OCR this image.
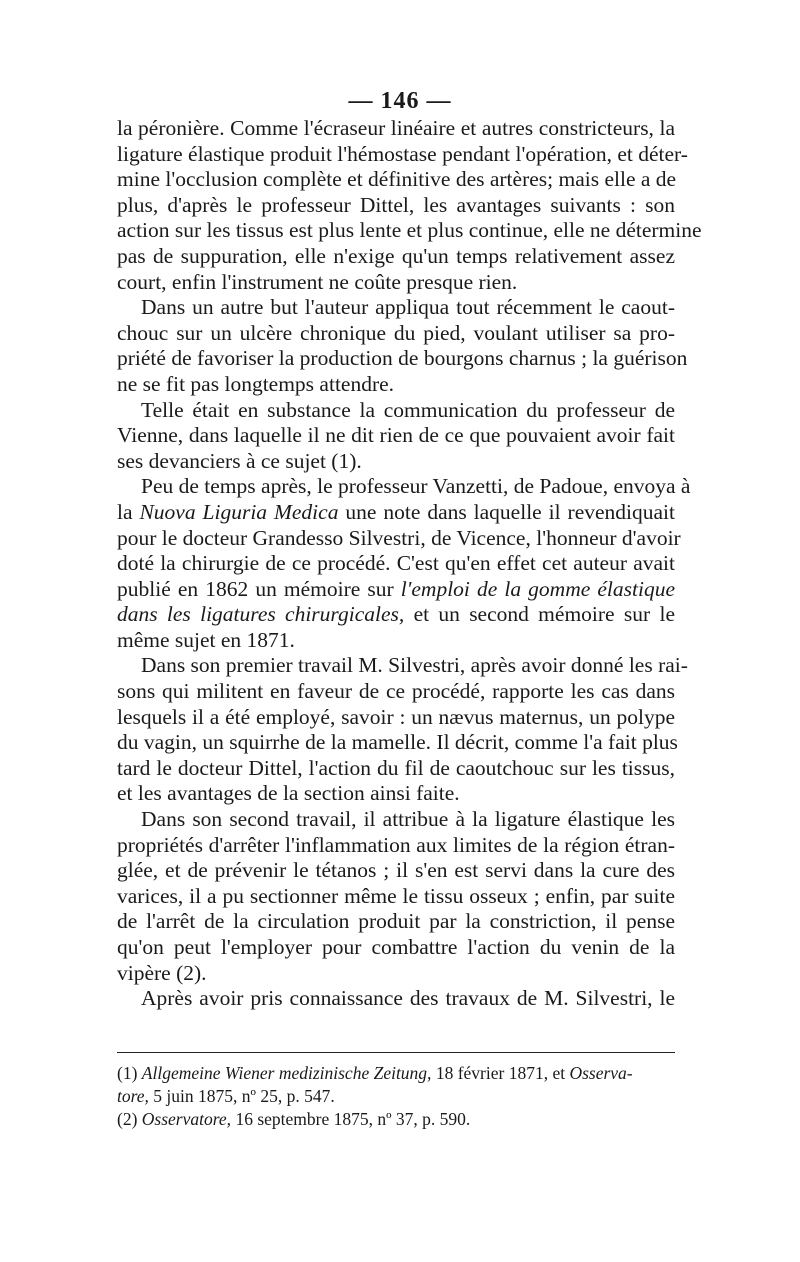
— 146 —
la péronière. Comme l'écraseur linéaire et autres constricteurs, la
ligature élastique produit l'hémostase pendant l'opération, et déter-
mine l'occlusion complète et définitive des artères; mais elle a de
plus, d'après le professeur Dittel, les avantages suivants : son
action sur les tissus est plus lente et plus continue, elle ne détermine
pas de suppuration, elle n'exige qu'un temps relativement assez
court, enfin l'instrument ne coûte presque rien.
Dans un autre but l'auteur appliqua tout récemment le caout-
chouc sur un ulcère chronique du pied, voulant utiliser sa pro-
priété de favoriser la production de bourgons charnus ; la guérison
ne se fit pas longtemps attendre.
Telle était en substance la communication du professeur de
Vienne, dans laquelle il ne dit rien de ce que pouvaient avoir fait
ses devanciers à ce sujet (1).
Peu de temps après, le professeur Vanzetti, de Padoue, envoya à
la Nuova Liguria Medica une note dans laquelle il revendiquait
pour le docteur Grandesso Silvestri, de Vicence, l'honneur d'avoir
doté la chirurgie de ce procédé. C'est qu'en effet cet auteur avait
publié en 1862 un mémoire sur l'emploi de la gomme élastique
dans les ligatures chirurgicales, et un second mémoire sur le
même sujet en 1871.
Dans son premier travail M. Silvestri, après avoir donné les rai-
sons qui militent en faveur de ce procédé, rapporte les cas dans
lesquels il a été employé, savoir : un nævus maternus, un polype
du vagin, un squirrhe de la mamelle. Il décrit, comme l'a fait plus
tard le docteur Dittel, l'action du fil de caoutchouc sur les tissus,
et les avantages de la section ainsi faite.
Dans son second travail, il attribue à la ligature élastique les
propriétés d'arrêter l'inflammation aux limites de la région étran-
glée, et de prévenir le tétanos ; il s'en est servi dans la cure des
varices, il a pu sectionner même le tissu osseux ; enfin, par suite
de l'arrêt de la circulation produit par la constriction, il pense
qu'on peut l'employer pour combattre l'action du venin de la
vipère (2).
Après avoir pris connaissance des travaux de M. Silvestri, le
(1) Allgemeine Wiener medizinische Zeitung, 18 février 1871, et Osserva-
tore, 5 juin 1875, nº 25, p. 547.
(2) Osservatore, 16 septembre 1875, nº 37, p. 590.
